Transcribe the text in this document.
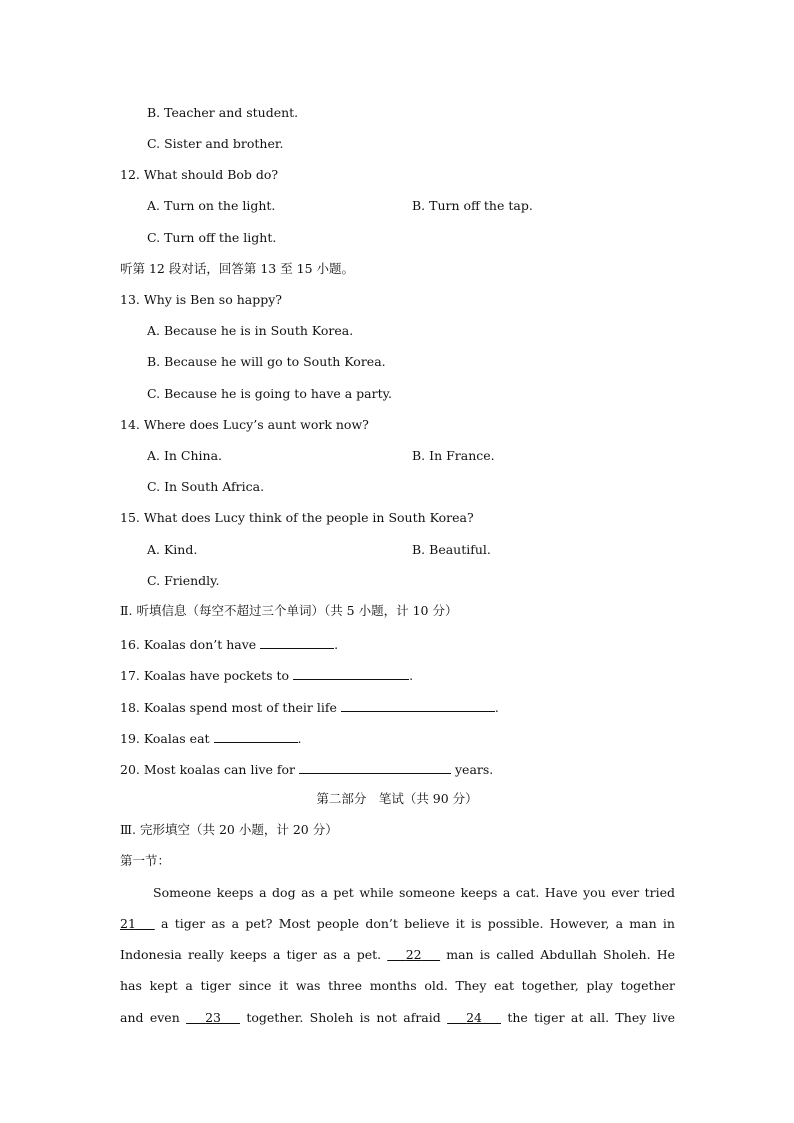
B. Teacher and student.
C. Sister and brother.
12. What should Bob do?
A. Turn on the light.	B. Turn off the tap.
C. Turn off the light.
听第 12 段对话，回答第 13 至 15 小题。
13. Why is Ben so happy?
A. Because he is in South Korea.
B. Because he will go to South Korea.
C. Because he is going to have a party.
14. Where does Lucy’s aunt work now?
A. In China.	B. In France.
C. In South Africa.
15. What does Lucy think of the people in South Korea?
A. Kind.	B. Beautiful.
C. Friendly.
Ⅱ. 听填信息（每空不超过三个单词）（共 5 小题，计 10 分）
16. Koalas don’t have	.
17. Koalas have pockets to	.
18. Koalas spend most of their life	.
19. Koalas eat	.
20. Most koalas can live for	years.
第二部分　笔试（共 90 分）
Ⅲ. 完形填空（共 20 小题，计 20 分）
第一节：
Someone keeps a dog as a pet while someone keeps a cat. Have you ever tried
21 a tiger as a pet? Most people don’t believe it is possible. However, a man in
Indonesia really keeps a tiger as a pet. 22 man is called Abdullah Sholeh. He
has kept a tiger since it was three months old. They eat together, play together
and even 23 together. Sholeh is not afraid 24 the tiger at all. They live
